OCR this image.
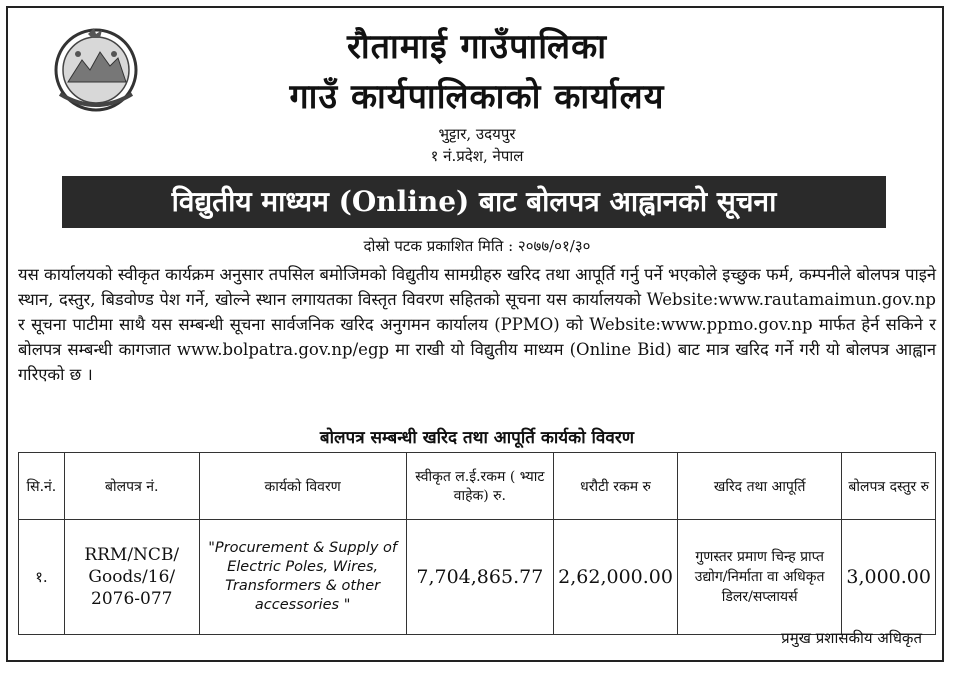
रौतामाई गाउँपालिका
गाउँ कार्यपालिकाको कार्यालय
भुट्टार, उदयपुर
१ नं.प्रदेश, नेपाल
विद्युतीय माध्यम (Online) बाट बोलपत्र आह्वानको सूचना
दोस्रो पटक प्रकाशित मिति : २०७७/०१/३०
यस कार्यालयको स्वीकृत कार्यक्रम अनुसार तपसिल बमोजिमको विद्युतीय सामग्रीहरु खरिद तथा आपूर्ति गर्नु पर्ने भएकोले इच्छुक फर्म, कम्पनीले बोलपत्र पाइने स्थान, दस्तुर, बिडवोण्ड पेश गर्ने, खोल्ने स्थान लगायतका विस्तृत विवरण सहितको सूचना यस कार्यालयको Website:www.rautamaimun.gov.np र सूचना पाटीमा साथै यस सम्बन्धी सूचना सार्वजनिक खरिद अनुगमन कार्यालय (PPMO) को Website:www.ppmo.gov.np मार्फत हेर्न सकिने र बोलपत्र सम्बन्धी कागजात www.bolpatra.gov.np/egp मा राखी यो विद्युतीय माध्यम (Online Bid) बाट मात्र खरिद गर्ने गरी यो बोलपत्र आह्वान गरिएको छ ।
बोलपत्र सम्बन्धी खरिद तथा आपूर्ति कार्यको विवरण
सि.नं.	बोलपत्र नं.	कार्यको विवरण	स्वीकृत ल.ई.रकम ( भ्याट वाहेक) रु.	धरौटी रकम रु	खरिद तथा आपूर्ति	बोलपत्र दस्तुर रु
१.	RRM/NCB/ Goods/16/ 2076-077	"Procurement & Supply of Electric Poles, Wires, Transformers & other accessories "	7,704,865.77	2,62,000.00	गुणस्तर प्रमाण चिन्ह प्राप्त उद्योग/निर्माता वा अधिकृत डिलर/सप्लायर्स	3,000.00
प्रमुख प्रशासकीय अधिकृत
